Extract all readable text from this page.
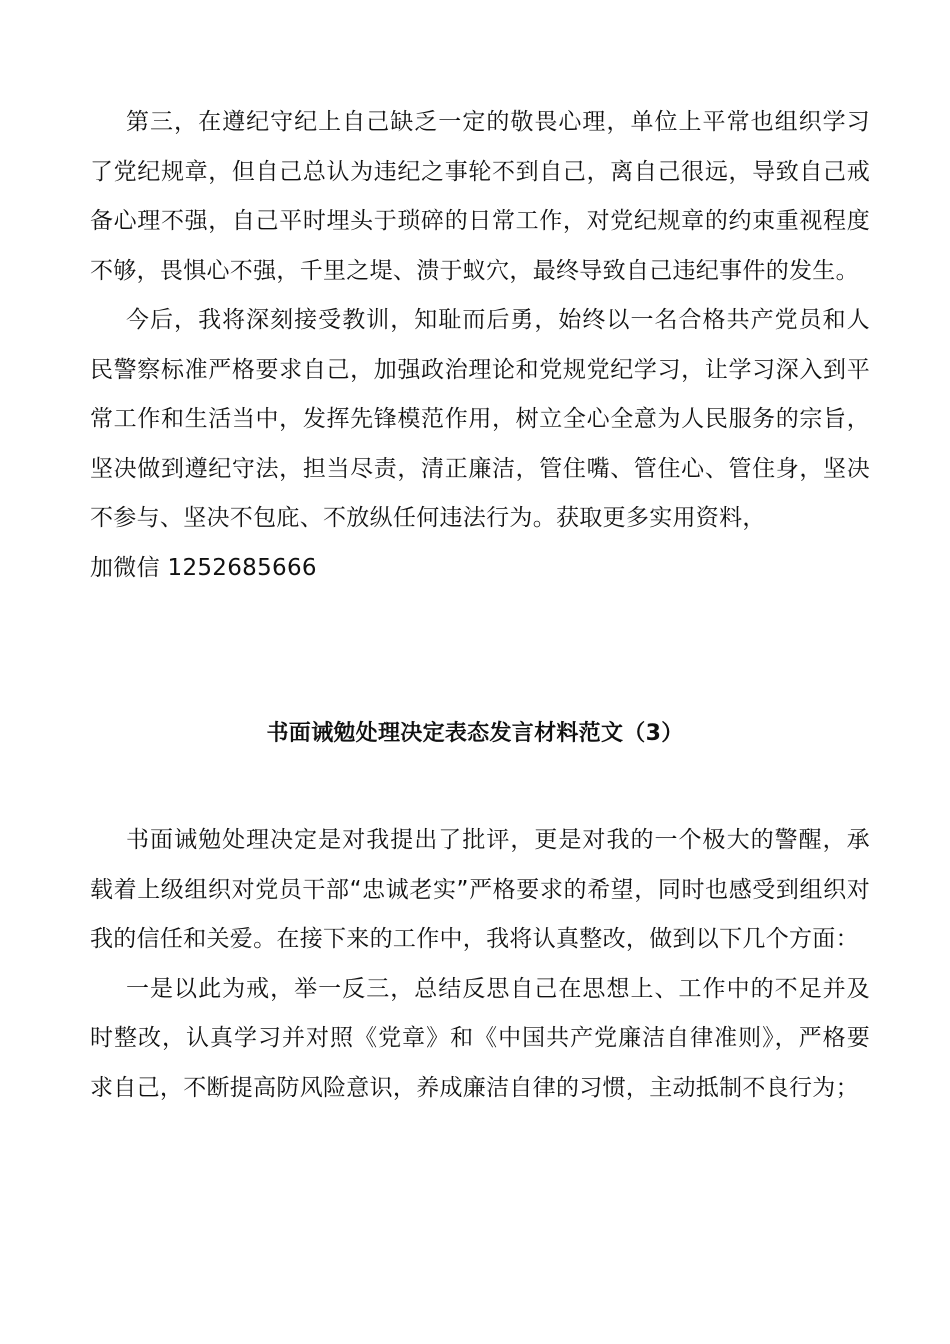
第三，在遵纪守纪上自己缺乏一定的敬畏心理，单位上平常也组织学习了党纪规章，但自己总认为违纪之事轮不到自己，离自己很远，导致自己戒备心理不强，自己平时埋头于琐碎的日常工作，对党纪规章的约束重视程度不够，畏惧心不强，千里之堤、溃于蚁穴，最终导致自己违纪事件的发生。

今后，我将深刻接受教训，知耻而后勇，始终以一名合格共产党员和人民警察标准严格要求自己，加强政治理论和党规党纪学习，让学习深入到平常工作和生活当中，发挥先锋模范作用，树立全心全意为人民服务的宗旨，坚决做到遵纪守法，担当尽责，清正廉洁，管住嘴、管住心、管住身，坚决不参与、坚决不包庇、不放纵任何违法行为。获取更多实用资料，

加微信 1252685666

书面诫勉处理决定表态发言材料范文（3）

书面诫勉处理决定是对我提出了批评，更是对我的一个极大的警醒，承载着上级组织对党员干部“忠诚老实”严格要求的希望，同时也感受到组织对我的信任和关爱。在接下来的工作中，我将认真整改，做到以下几个方面：

一是以此为戒，举一反三，总结反思自己在思想上、工作中的不足并及时整改，认真学习并对照《党章》和《中国共产党廉洁自律准则》，严格要求自己，不断提高防风险意识，养成廉洁自律的习惯，主动抵制不良行为；
